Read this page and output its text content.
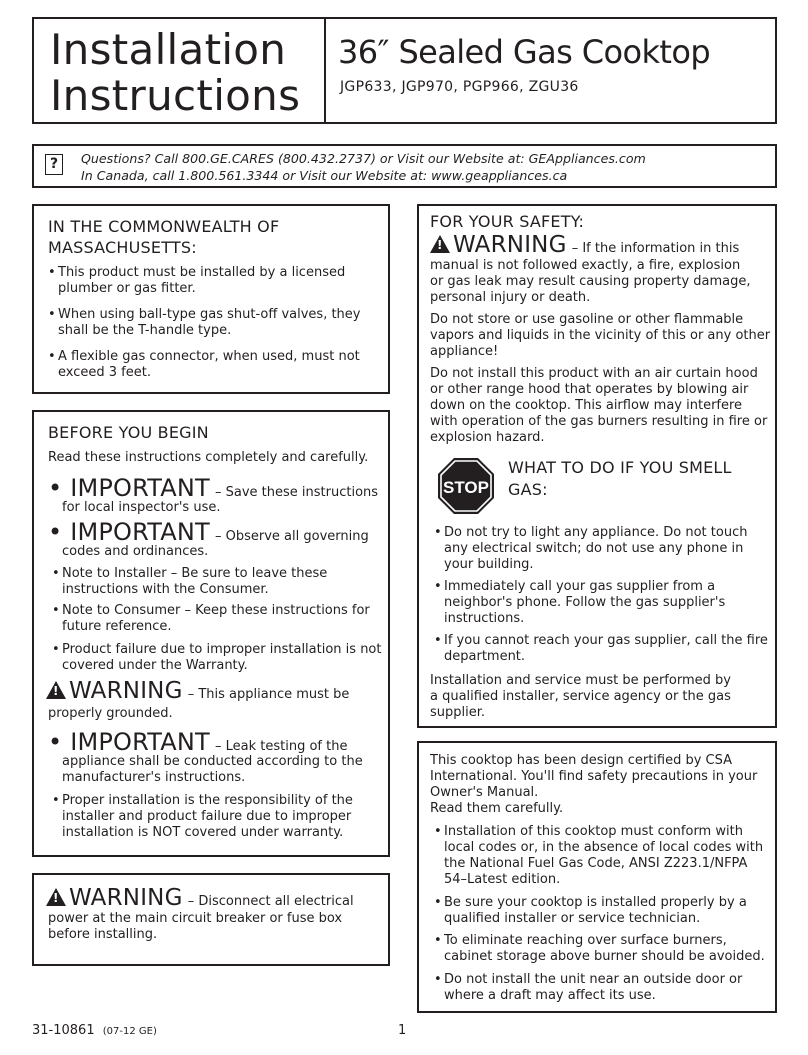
Installation
Instructions
36″ Sealed Gas Cooktop
JGP633, JGP970, PGP966, ZGU36
?	Questions? Call 800.GE.CARES (800.432.2737) or Visit our Website at: GEAppliances.com
In Canada, call 1.800.561.3344 or Visit our Website at: www.geappliances.ca
IN THE COMMONWEALTH OF
MASSACHUSETTS:
• This product must be installed by a licensed
plumber or gas fitter.
• When using ball-type gas shut-off valves, they
shall be the T-handle type.
• A flexible gas connector, when used, must not
exceed 3 feet.
BEFORE YOU BEGIN
Read these instructions completely and carefully.
• IMPORTANT – Save these instructions
for local inspector's use.
• IMPORTANT – Observe all governing
codes and ordinances.
• Note to Installer – Be sure to leave these
instructions with the Consumer.
• Note to Consumer – Keep these instructions for
future reference.
• Product failure due to improper installation is not
covered under the Warranty.
!WARNING – This appliance must be
properly grounded.
• IMPORTANT – Leak testing of the
appliance shall be conducted according to the
manufacturer's instructions.
• Proper installation is the responsibility of the
installer and product failure due to improper
installation is NOT covered under warranty.
!WARNING – Disconnect all electrical
power at the main circuit breaker or fuse box
before installing.
FOR YOUR SAFETY:
!WARNING – If the information in this
manual is not followed exactly, a fire, explosion
or gas leak may result causing property damage,
personal injury or death.
Do not store or use gasoline or other flammable
vapors and liquids in the vicinity of this or any other
appliance!
Do not install this product with an air curtain hood
or other range hood that operates by blowing air
down on the cooktop. This airflow may interfere
with operation of the gas burners resulting in fire or
explosion hazard.
WHAT TO DO IF YOU SMELL
GAS:
• Do not try to light any appliance. Do not touch
any electrical switch; do not use any phone in
your building.
• Immediately call your gas supplier from a
neighbor's phone. Follow the gas supplier's
instructions.
• If you cannot reach your gas supplier, call the fire
department.
Installation and service must be performed by
a qualified installer, service agency or the gas
supplier.
STOP
This cooktop has been design certified by CSA
International. You'll find safety precautions in your
Owner's Manual.
Read them carefully.
• Installation of this cooktop must conform with
local codes or, in the absence of local codes with
the National Fuel Gas Code, ANSI Z223.1/NFPA
54–Latest edition.
• Be sure your cooktop is installed properly by a
qualified installer or service technician.
• To eliminate reaching over surface burners,
cabinet storage above burner should be avoided.
• Do not install the unit near an outside door or
where a draft may affect its use.
31-10861 (07-12 GE)	1
